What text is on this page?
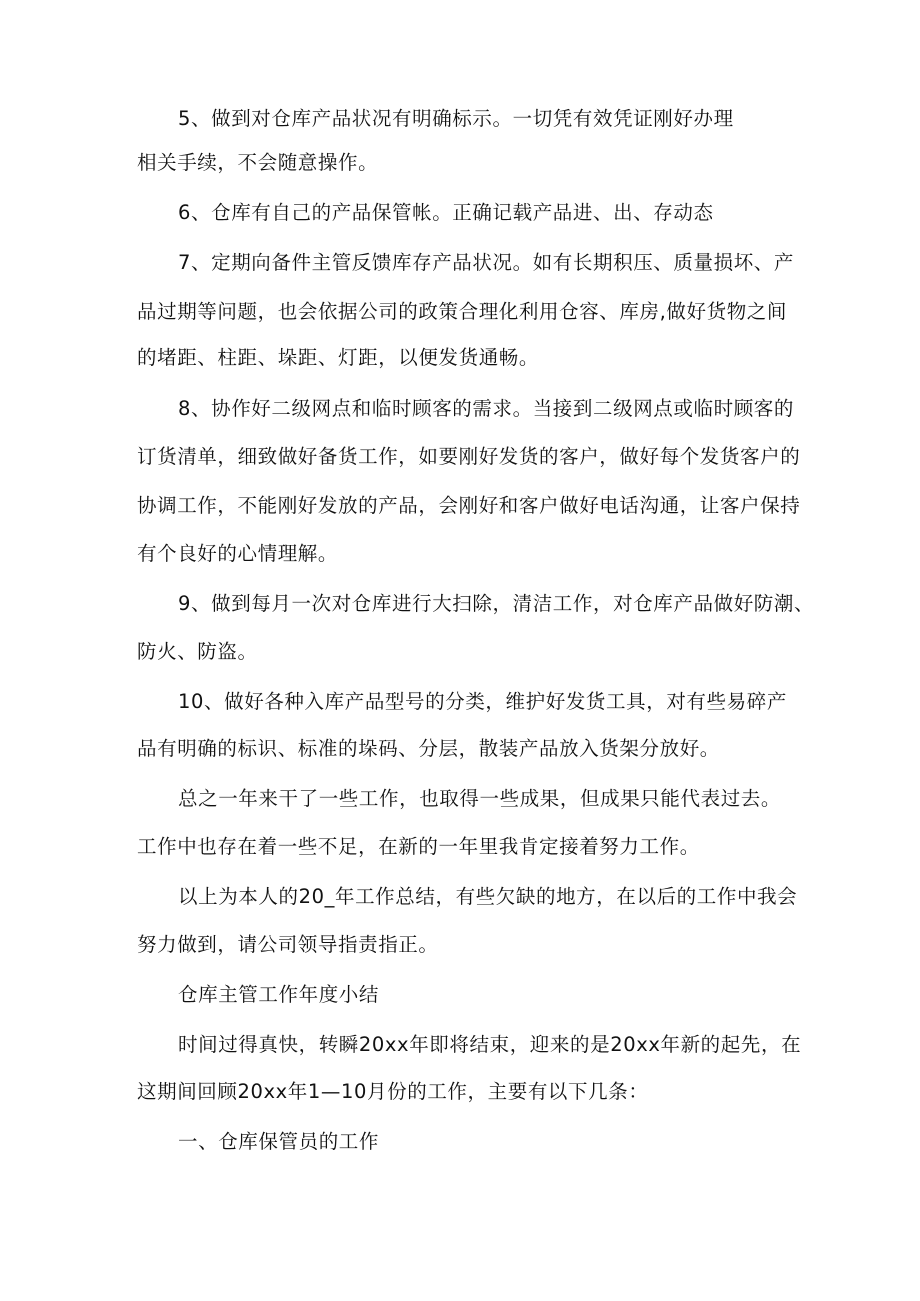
5、做到对仓库产品状况有明确标示。一切凭有效凭证刚好办理
相关手续，不会随意操作。
6、仓库有自己的产品保管帐。正确记载产品进、出、存动态
7、定期向备件主管反馈库存产品状况。如有长期积压、质量损坏、产
品过期等问题，也会依据公司的政策合理化利用仓容、库房,做好货物之间
的堵距、柱距、垛距、灯距，以便发货通畅。
8、协作好二级网点和临时顾客的需求。当接到二级网点或临时顾客的
订货清单，细致做好备货工作，如要刚好发货的客户，做好每个发货客户的
协调工作，不能刚好发放的产品，会刚好和客户做好电话沟通，让客户保持
有个良好的心情理解。
9、做到每月一次对仓库进行大扫除，清洁工作，对仓库产品做好防潮、
防火、防盗。
10、做好各种入库产品型号的分类，维护好发货工具，对有些易碎产
品有明确的标识、标准的垛码、分层，散装产品放入货架分放好。
总之一年来干了一些工作，也取得一些成果，但成果只能代表过去。
工作中也存在着一些不足，在新的一年里我肯定接着努力工作。
以上为本人的20_年工作总结，有些欠缺的地方，在以后的工作中我会
努力做到，请公司领导指责指正。
仓库主管工作年度小结
时间过得真快，转瞬20xx年即将结束，迎来的是20xx年新的起先，在
这期间回顾20xx年1—10月份的工作，主要有以下几条：
一、仓库保管员的工作
